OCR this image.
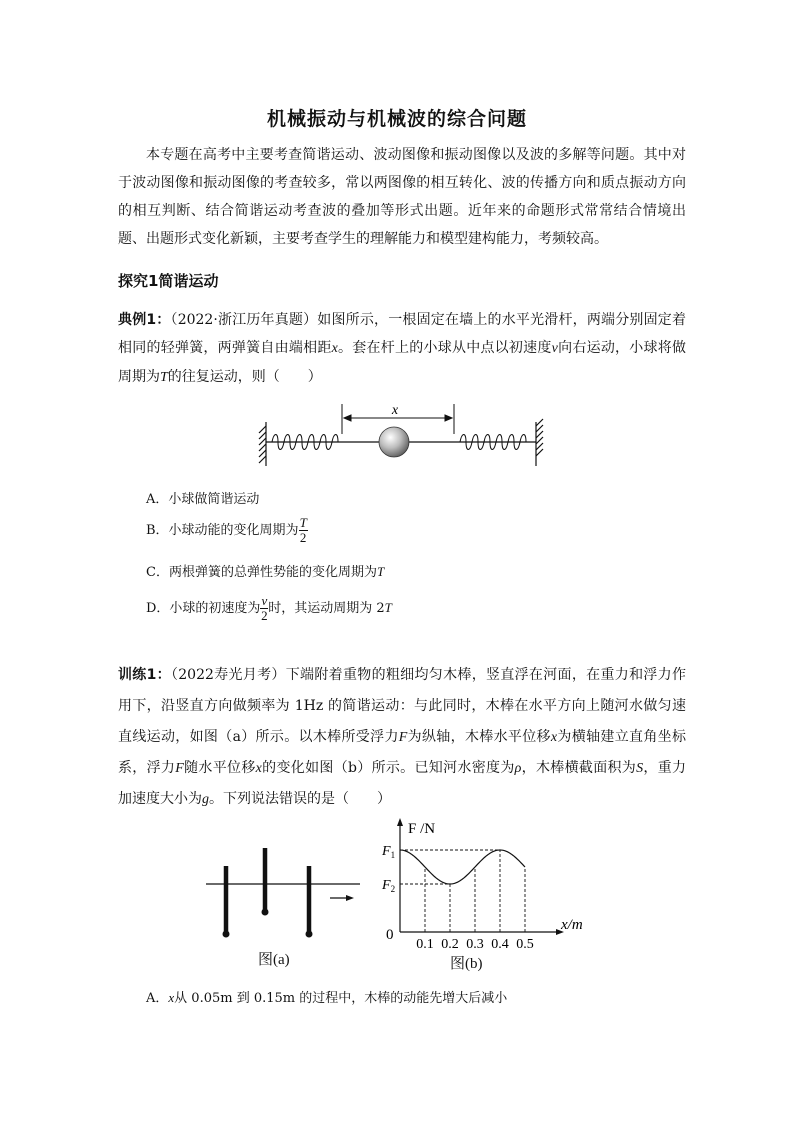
机械振动与机械波的综合问题
本专题在高考中主要考查简谐运动、波动图像和振动图像以及波的多解等问题。其中对于波动图像和振动图像的考查较多，常以两图像的相互转化、波的传播方向和质点振动方向的相互判断、结合简谐运动考查波的叠加等形式出题。近年来的命题形式常常结合情境出题、出题形式变化新颖，主要考查学生的理解能力和模型建构能力，考频较高。
探究1简谐运动
典例1：（2022·浙江历年真题）如图所示，一根固定在墙上的水平光滑杆，两端分别固定着相同的轻弹簧，两弹簧自由端相距x。套在杆上的小球从中点以初速度v向右运动，小球将做周期为T的往复运动，则（　　）
x
A．小球做简谐运动
B．小球动能的变化周期为 $\frac{T}{2}$
C．两根弹簧的总弹性势能的变化周期为T
D．小球的初速度为 $\frac{v}{2}$ 时，其运动周期为 2T
训练1：（2022寿光月考）下端附着重物的粗细均匀木棒，竖直浮在河面，在重力和浮力作用下，沿竖直方向做频率为 1Hz 的简谐运动：与此同时，木棒在水平方向上随河水做匀速直线运动，如图（a）所示。以木棒所受浮力F为纵轴，木棒水平位移x为横轴建立直角坐标系，浮力F随水平位移x的变化如图（b）所示。已知河水密度为ρ，木棒横截面积为S，重力加速度大小为g。下列说法错误的是（　　）
图(a)
F /N
x/m
0
0.1 0.2 0.3 0.4 0.5
$F_1$
$F_2$
图(b)
A．x从 0.05m 到 0.15m 的过程中，木棒的动能先增大后减小
